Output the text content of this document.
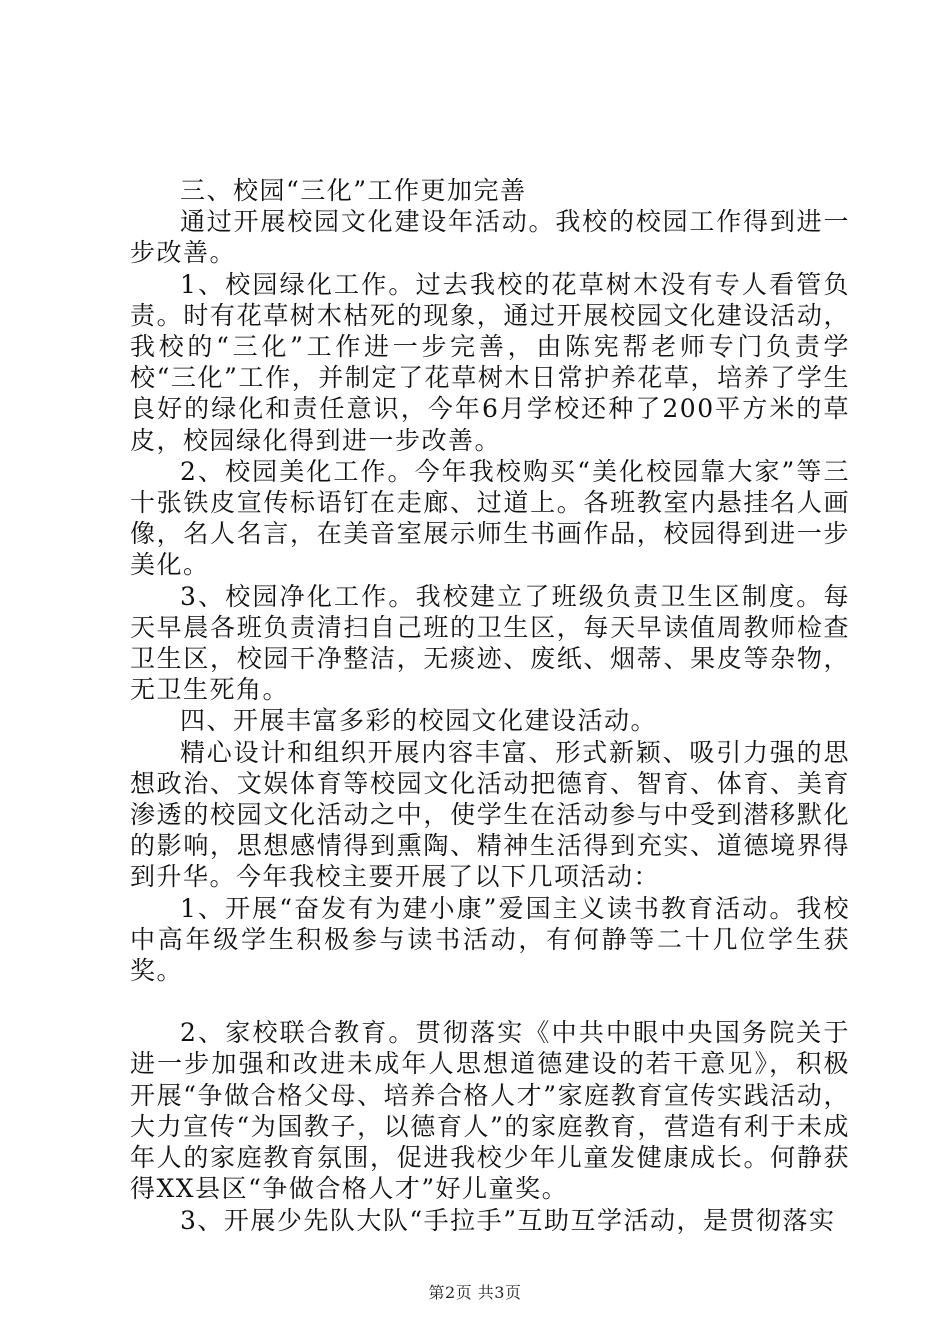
三、校园“三化”工作更加完善

通过开展校园文化建设年活动。我校的校园工作得到进一步改善。

1、校园绿化工作。过去我校的花草树木没有专人看管负责。时有花草树木枯死的现象，通过开展校园文化建设活动，我校的“三化”工作进一步完善，由陈宪帮老师专门负责学校“三化”工作，并制定了花草树木日常护养花草，培养了学生良好的绿化和责任意识，今年6月学校还种了200平方米的草皮，校园绿化得到进一步改善。

2、校园美化工作。今年我校购买“美化校园靠大家”等三十张铁皮宣传标语钉在走廊、过道上。各班教室内悬挂名人画像，名人名言，在美音室展示师生书画作品，校园得到进一步美化。

3、校园净化工作。我校建立了班级负责卫生区制度。每天早晨各班负责清扫自己班的卫生区，每天早读值周教师检查卫生区，校园干净整洁，无痰迹、废纸、烟蒂、果皮等杂物，无卫生死角。

四、开展丰富多彩的校园文化建设活动。

精心设计和组织开展内容丰富、形式新颖、吸引力强的思想政治、文娱体育等校园文化活动把德育、智育、体育、美育渗透的校园文化活动之中，使学生在活动参与中受到潜移默化的影响，思想感情得到熏陶、精神生活得到充实、道德境界得到升华。今年我校主要开展了以下几项活动：

1、开展“奋发有为建小康”爱国主义读书教育活动。我校中高年级学生积极参与读书活动，有何静等二十几位学生获奖。

2、家校联合教育。贯彻落实《中共中眼中央国务院关于进一步加强和改进未成年人思想道德建设的若干意见》，积极开展“争做合格父母、培养合格人才”家庭教育宣传实践活动，大力宣传“为国教子，以德育人”的家庭教育，营造有利于未成年人的家庭教育氛围，促进我校少年儿童发健康成长。何静获得XX县区“争做合格人才”好儿童奖。

3、开展少先队大队“手拉手”互助互学活动，是贯彻落实

第2页 共3页
